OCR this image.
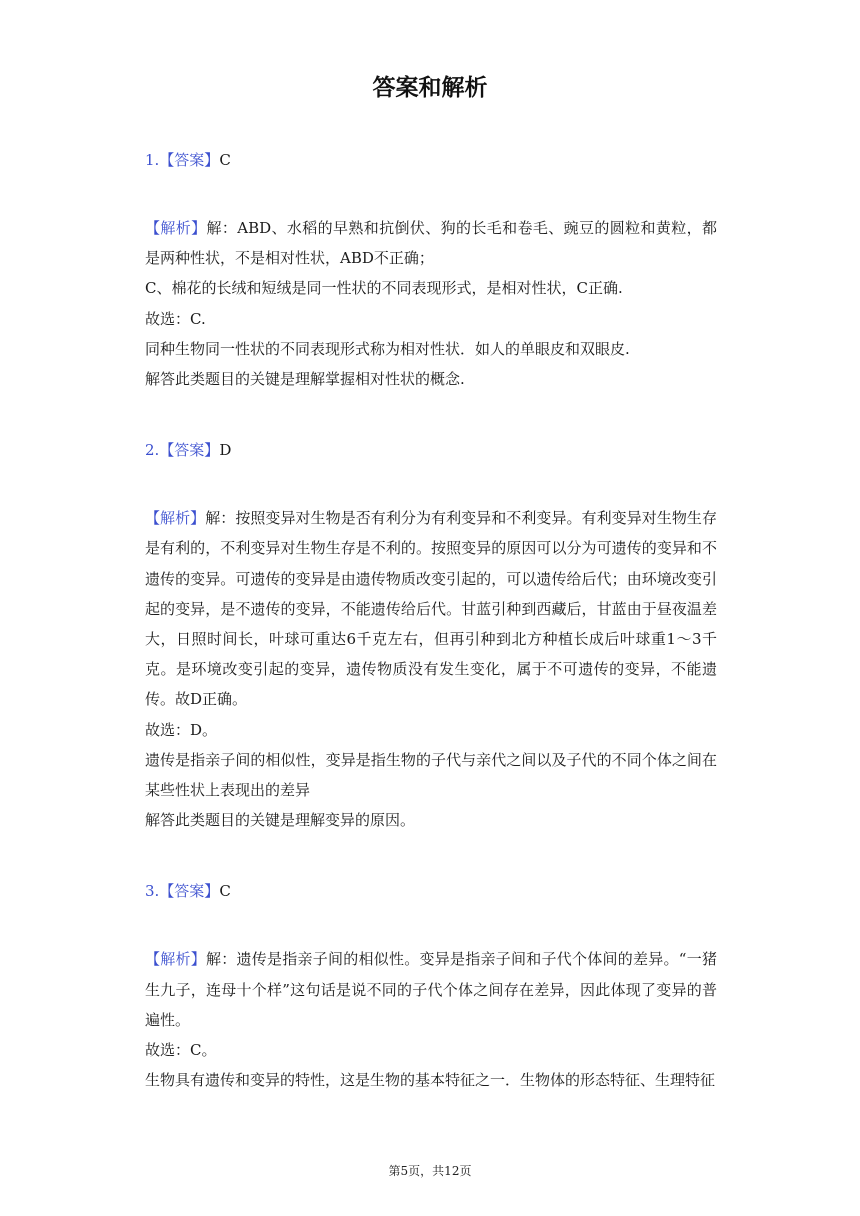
答案和解析
1.【答案】C

【解析】解：ABD、水稻的早熟和抗倒伏、狗的长毛和卷毛、豌豆的圆粒和黄粒，都是两种性状，不是相对性状，ABD不正确；

C、棉花的长绒和短绒是同一性状的不同表现形式，是相对性状，C正确.

故选：C.

同种生物同一性状的不同表现形式称为相对性状．如人的单眼皮和双眼皮.

解答此类题目的关键是理解掌握相对性状的概念.

2.【答案】D

【解析】解：按照变异对生物是否有利分为有利变异和不利变异。有利变异对生物生存是有利的，不利变异对生物生存是不利的。按照变异的原因可以分为可遗传的变异和不遗传的变异。可遗传的变异是由遗传物质改变引起的，可以遗传给后代；由环境改变引起的变异，是不遗传的变异，不能遗传给后代。甘蓝引种到西藏后，甘蓝由于昼夜温差大，日照时间长，叶球可重达6千克左右，但再引种到北方种植长成后叶球重1～3千克。是环境改变引起的变异，遗传物质没有发生变化，属于不可遗传的变异，不能遗传。故D正确。

故选：D。

遗传是指亲子间的相似性，变异是指生物的子代与亲代之间以及子代的不同个体之间在某些性状上表现出的差异

解答此类题目的关键是理解变异的原因。

3.【答案】C

【解析】解：遗传是指亲子间的相似性。变异是指亲子间和子代个体间的差异。“一猪生九子，连母十个样”这句话是说不同的子代个体之间存在差异，因此体现了变异的普遍性。

故选：C。

生物具有遗传和变异的特性，这是生物的基本特征之一．生物体的形态特征、生理特征

第5页，共12页
